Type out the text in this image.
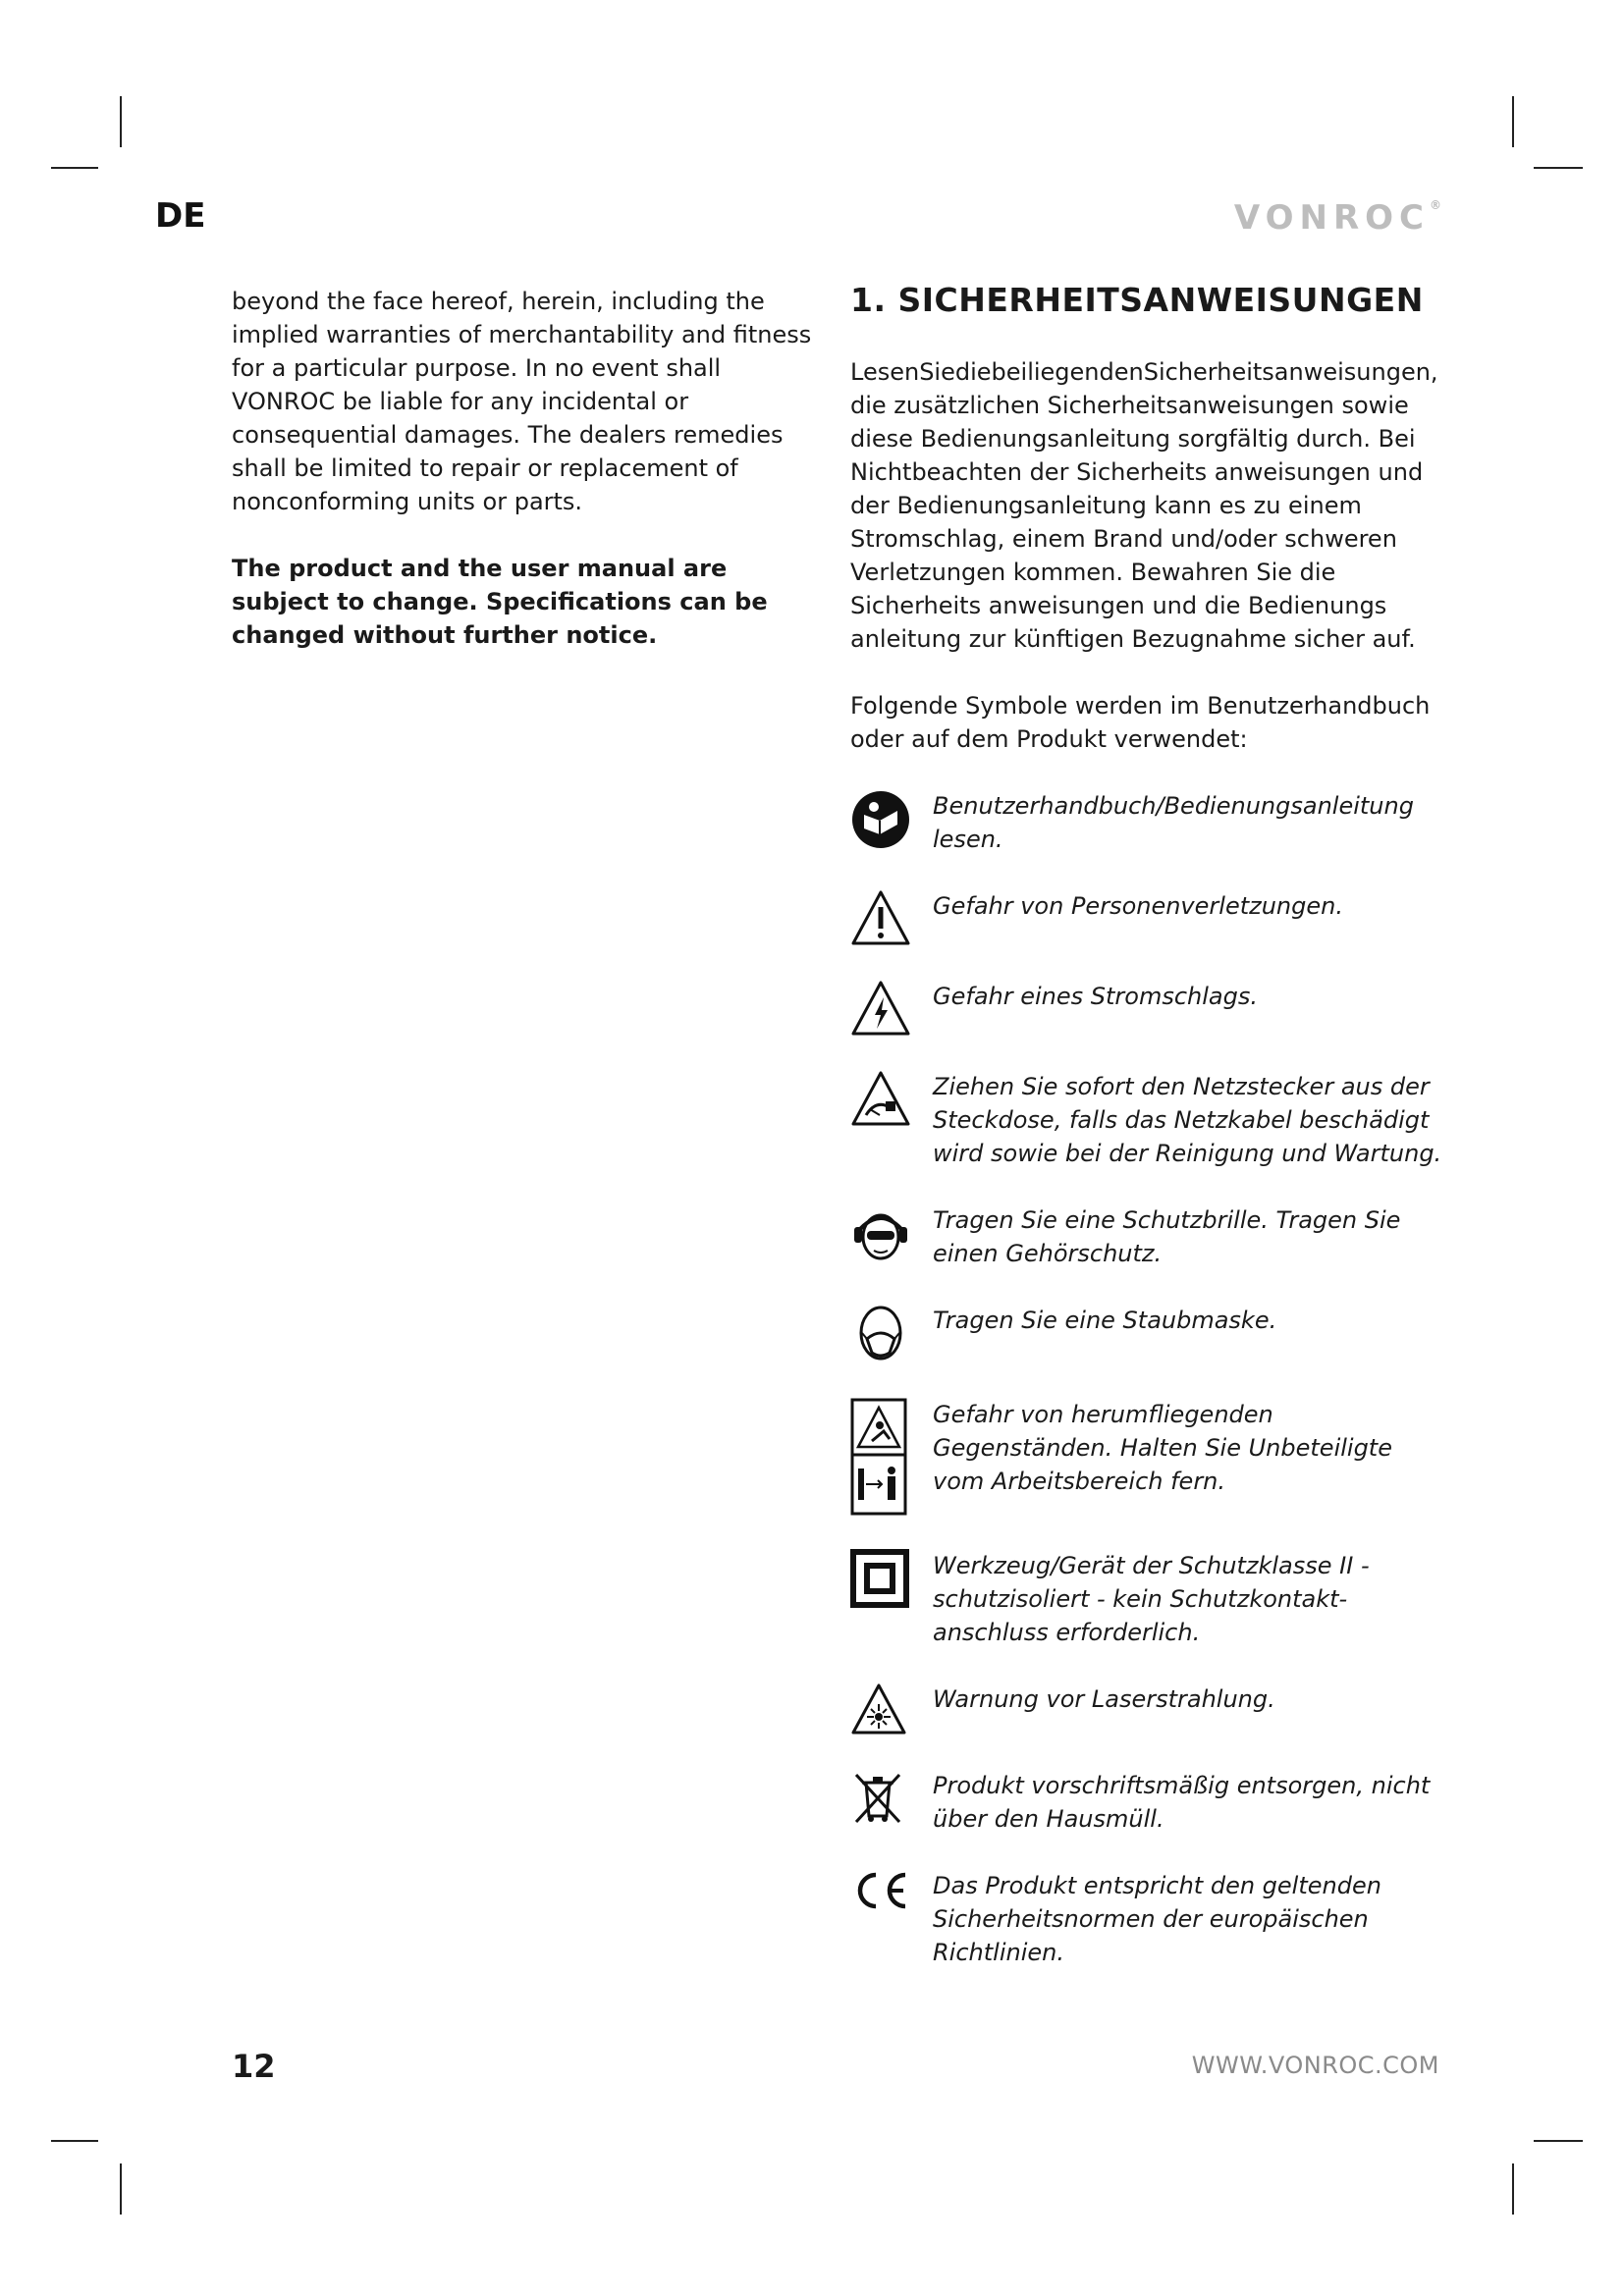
DE	VONROC®

beyond the face hereof, herein, including the implied warranties of merchantability and fitness for a particular purpose. In no event shall VONROC be liable for any incidental or consequential damages. The dealers remedies shall be limited to repair or replacement of nonconforming units or parts.

The product and the user manual are subject to change. Specifications can be changed without further notice.

1. SICHERHEITSANWEISUNGEN

LesenSiediebeiliegendenSicherheitsanweisungen, die zusätzlichen Sicherheitsanweisungen sowie diese Bedienungsanleitung sorgfältig durch. Bei Nichtbeachten der Sicherheits anweisungen und der Bedienungsanleitung kann es zu einem Stromschlag, einem Brand und/oder schweren Verletzungen kommen. Bewahren Sie die Sicherheits anweisungen und die Bedienungs anleitung zur künftigen Bezugnahme sicher auf.

Folgende Symbole werden im Benutzerhandbuch oder auf dem Produkt verwendet:

Benutzerhandbuch/Bedienungsanleitung lesen.
Gefahr von Personenverletzungen.
Gefahr eines Stromschlags.
Ziehen Sie sofort den Netzstecker aus der Steckdose, falls das Netzkabel beschädigt wird sowie bei der Reinigung und Wartung.
Tragen Sie eine Schutzbrille. Tragen Sie einen Gehörschutz.
Tragen Sie eine Staubmaske.
Gefahr von herumfliegenden Gegenständen. Halten Sie Unbeteiligte vom Arbeitsbereich fern.
Werkzeug/Gerät der Schutzklasse II - schutzisoliert - kein Schutzkontakt-anschluss erforderlich.
Warnung vor Laserstrahlung.
Produkt vorschriftsmäßig entsorgen, nicht über den Hausmüll.
Das Produkt entspricht den geltenden Sicherheitsnormen der europäischen Richtlinien.
12	WWW.VONROC.COM
